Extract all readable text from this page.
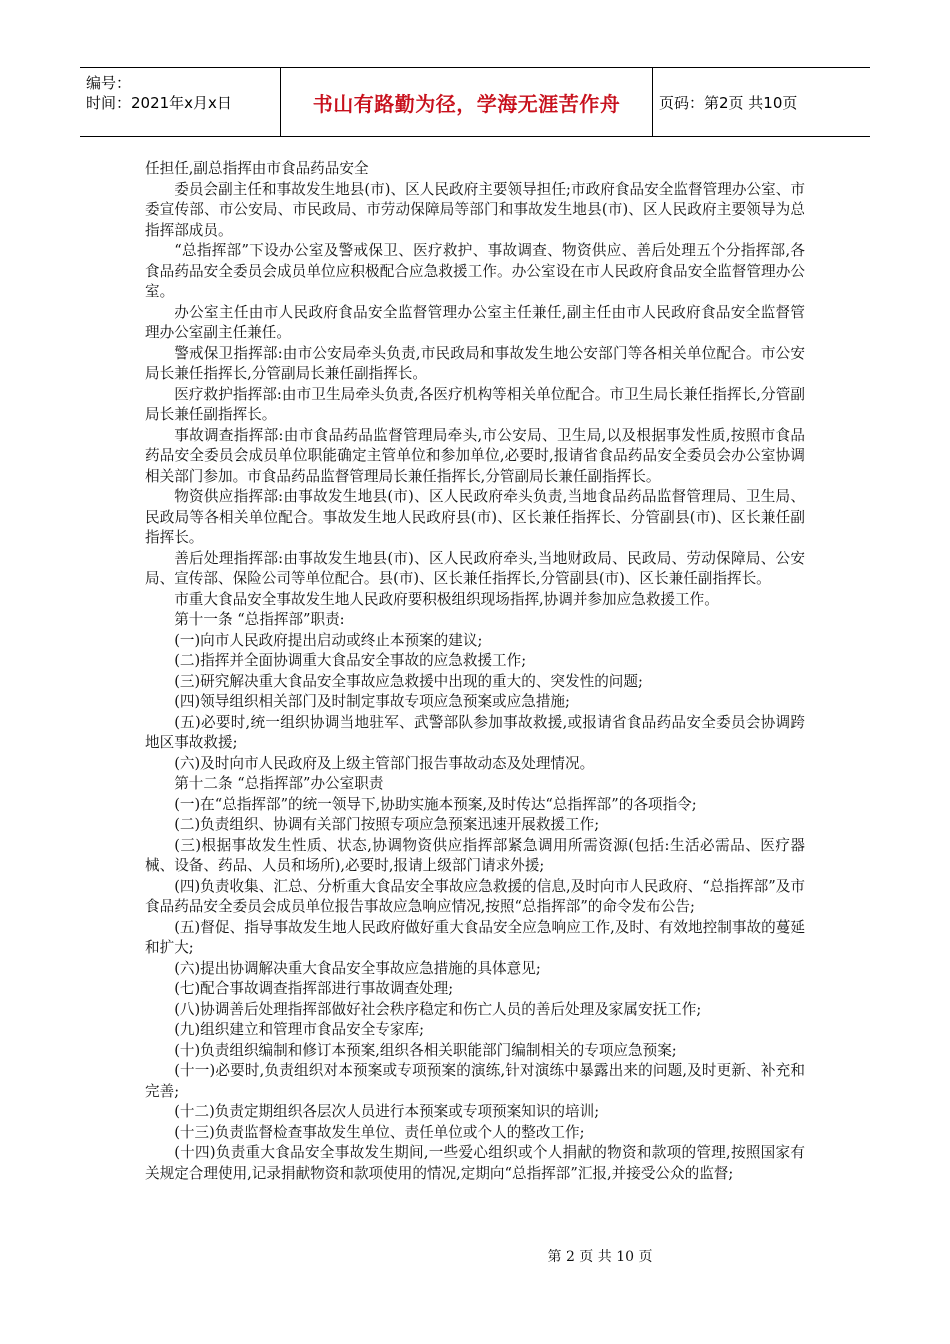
编号：
时间：2021年x月x日	书山有路勤为径，学海无涯苦作舟	页码：第2页 共10页

任担任,副总指挥由市食品药品安全

委员会副主任和事故发生地县(市)、区人民政府主要领导担任;市政府食品安全监督管理办公室、市委宣传部、市公安局、市民政局、市劳动保障局等部门和事故发生地县(市)、区人民政府主要领导为总指挥部成员。

“总指挥部”下设办公室及警戒保卫、医疗救护、事故调查、物资供应、善后处理五个分指挥部,各食品药品安全委员会成员单位应积极配合应急救援工作。办公室设在市人民政府食品安全监督管理办公室。

办公室主任由市人民政府食品安全监督管理办公室主任兼任,副主任由市人民政府食品安全监督管理办公室副主任兼任。

警戒保卫指挥部:由市公安局牵头负责,市民政局和事故发生地公安部门等各相关单位配合。市公安局长兼任指挥长,分管副局长兼任副指挥长。

医疗救护指挥部:由市卫生局牵头负责,各医疗机构等相关单位配合。市卫生局长兼任指挥长,分管副局长兼任副指挥长。

事故调查指挥部:由市食品药品监督管理局牵头,市公安局、卫生局,以及根据事发性质,按照市食品药品安全委员会成员单位职能确定主管单位和参加单位,必要时,报请省食品药品安全委员会办公室协调相关部门参加。市食品药品监督管理局长兼任指挥长,分管副局长兼任副指挥长。

物资供应指挥部:由事故发生地县(市)、区人民政府牵头负责,当地食品药品监督管理局、卫生局、民政局等各相关单位配合。事故发生地人民政府县(市)、区长兼任指挥长、分管副县(市)、区长兼任副指挥长。

善后处理指挥部:由事故发生地县(市)、区人民政府牵头,当地财政局、民政局、劳动保障局、公安局、宣传部、保险公司等单位配合。县(市)、区长兼任指挥长,分管副县(市)、区长兼任副指挥长。

市重大食品安全事故发生地人民政府要积极组织现场指挥,协调并参加应急救援工作。

第十一条 “总指挥部”职责:

(一)向市人民政府提出启动或终止本预案的建议;

(二)指挥并全面协调重大食品安全事故的应急救援工作;

(三)研究解决重大食品安全事故应急救援中出现的重大的、突发性的问题;

(四)领导组织相关部门及时制定事故专项应急预案或应急措施;

(五)必要时,统一组织协调当地驻军、武警部队参加事故救援,或报请省食品药品安全委员会协调跨地区事故救援;

(六)及时向市人民政府及上级主管部门报告事故动态及处理情况。

第十二条 “总指挥部”办公室职责

(一)在“总指挥部”的统一领导下,协助实施本预案,及时传达“总指挥部”的各项指令;

(二)负责组织、协调有关部门按照专项应急预案迅速开展救援工作;

(三)根据事故发生性质、状态,协调物资供应指挥部紧急调用所需资源(包括:生活必需品、医疗器械、设备、药品、人员和场所),必要时,报请上级部门请求外援;

(四)负责收集、汇总、分析重大食品安全事故应急救援的信息,及时向市人民政府、“总指挥部”及市食品药品安全委员会成员单位报告事故应急响应情况,按照“总指挥部”的命令发布公告;

(五)督促、指导事故发生地人民政府做好重大食品安全应急响应工作,及时、有效地控制事故的蔓延和扩大;

(六)提出协调解决重大食品安全事故应急措施的具体意见;

(七)配合事故调查指挥部进行事故调查处理;

(八)协调善后处理指挥部做好社会秩序稳定和伤亡人员的善后处理及家属安抚工作;

(九)组织建立和管理市食品安全专家库;

(十)负责组织编制和修订本预案,组织各相关职能部门编制相关的专项应急预案;

(十一)必要时,负责组织对本预案或专项预案的演练,针对演练中暴露出来的问题,及时更新、补充和完善;

(十二)负责定期组织各层次人员进行本预案或专项预案知识的培训;

(十三)负责监督检查事故发生单位、责任单位或个人的整改工作;

(十四)负责重大食品安全事故发生期间,一些爱心组织或个人捐献的物资和款项的管理,按照国家有关规定合理使用,记录捐献物资和款项使用的情况,定期向“总指挥部”汇报,并接受公众的监督;

第 2 页 共 10 页
